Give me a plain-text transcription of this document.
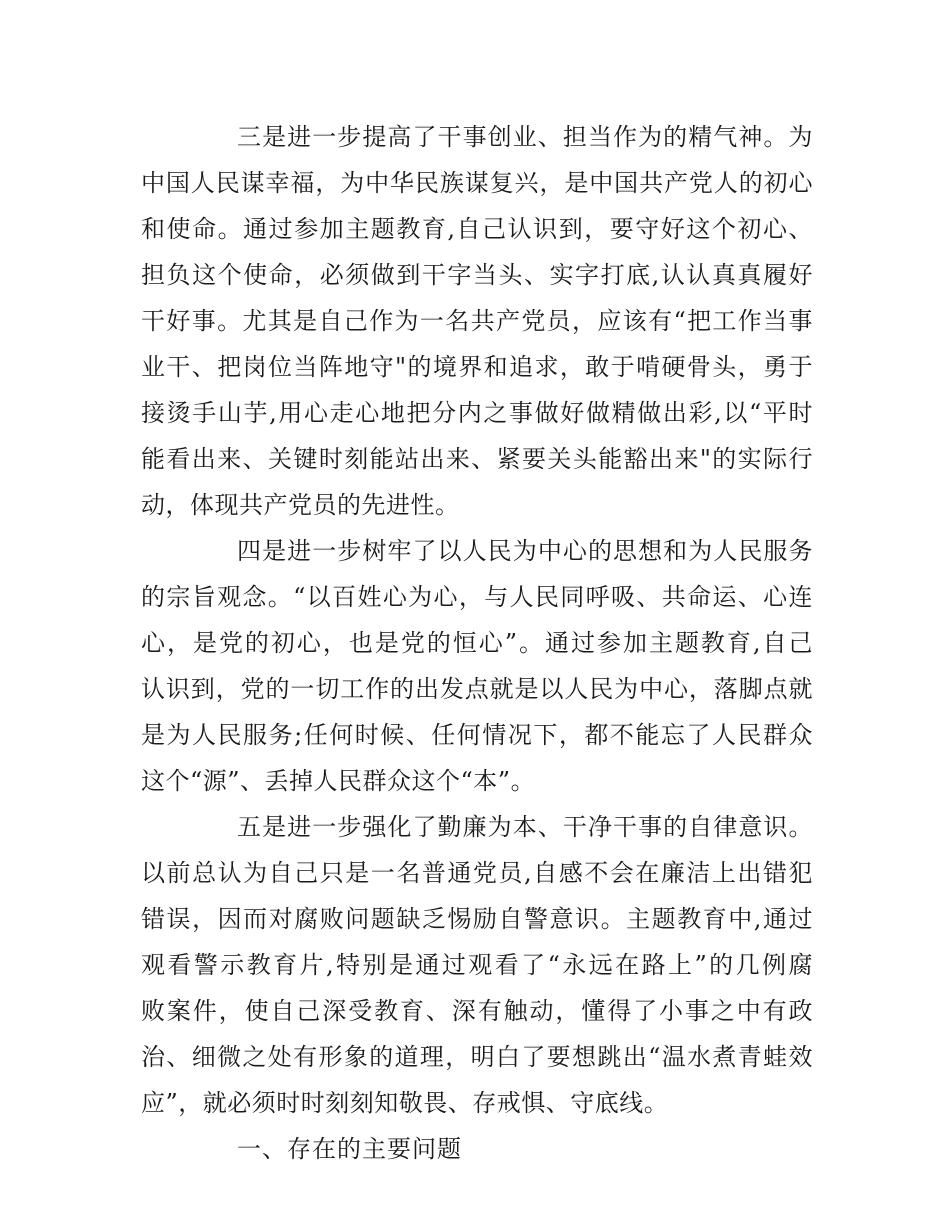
三是进一步提高了干事创业、担当作为的精气神。为
中国人民谋幸福，为中华民族谋复兴，是中国共产党人的初心
和使命。通过参加主题教育,自己认识到，要守好这个初心、
担负这个使命，必须做到干字当头、实字打底,认认真真履好
干好事。尤其是自己作为一名共产党员，应该有“把工作当事
业干、把岗位当阵地守"的境界和追求，敢于啃硬骨头，勇于
接烫手山芋,用心走心地把分内之事做好做精做出彩,以“平时
能看出来、关键时刻能站出来、紧要关头能豁出来"的实际行
动，体现共产党员的先进性。
四是进一步树牢了以人民为中心的思想和为人民服务
的宗旨观念。“以百姓心为心，与人民同呼吸、共命运、心连
心，是党的初心，也是党的恒心”。通过参加主题教育,自己
认识到，党的一切工作的出发点就是以人民为中心，落脚点就
是为人民服务;任何时候、任何情况下，都不能忘了人民群众
这个“源”、丢掉人民群众这个“本”。
五是进一步强化了勤廉为本、干净干事的自律意识。
以前总认为自己只是一名普通党员,自感不会在廉洁上出错犯
错误，因而对腐败问题缺乏惕励自警意识。主题教育中,通过
观看警示教育片,特别是通过观看了“永远在路上”的几例腐
败案件，使自己深受教育、深有触动，懂得了小事之中有政
治、细微之处有形象的道理，明白了要想跳出“温水煮青蛙效
应”，就必须时时刻刻知敬畏、存戒惧、守底线。
一、存在的主要问题
